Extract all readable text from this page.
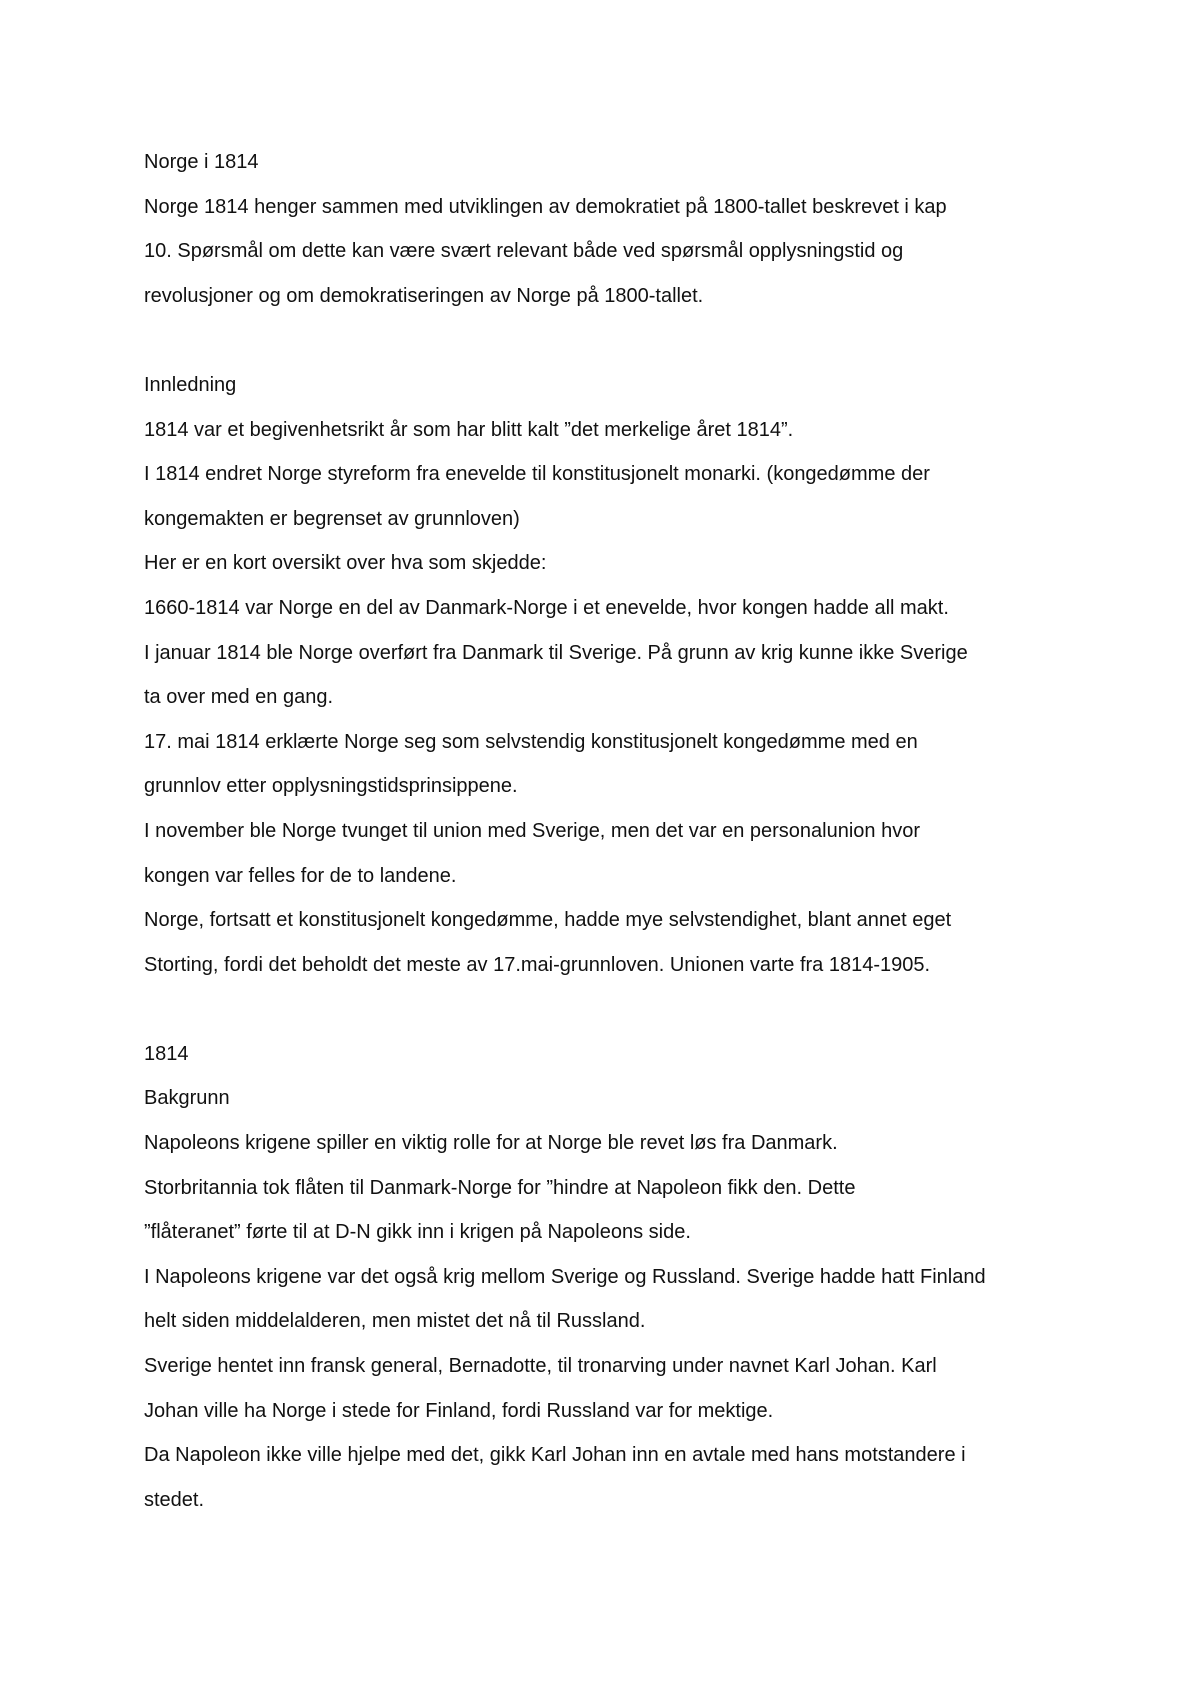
Norge i 1814

Norge 1814 henger sammen med utviklingen av demokratiet på 1800-tallet beskrevet i kap

10. Spørsmål om dette kan være svært relevant både ved spørsmål opplysningstid og

revolusjoner og om demokratiseringen av Norge på 1800-tallet.

Innledning

1814 var et begivenhetsrikt år som har blitt kalt ”det merkelige året 1814”.

I 1814 endret Norge styreform fra enevelde til konstitusjonelt monarki. (kongedømme der

kongemakten er begrenset av grunnloven)

Her er en kort oversikt over hva som skjedde:

1660-1814 var Norge en del av Danmark-Norge i et enevelde, hvor kongen hadde all makt.

I januar 1814 ble Norge overført fra Danmark til Sverige. På grunn av krig kunne ikke Sverige

ta over med en gang.

17. mai 1814 erklærte Norge seg som selvstendig konstitusjonelt kongedømme med en

grunnlov etter opplysningstidsprinsippene.

I november ble Norge tvunget til union med Sverige, men det var en personalunion hvor

kongen var felles for de to landene.

Norge, fortsatt et konstitusjonelt kongedømme, hadde mye selvstendighet, blant annet eget

Storting, fordi det beholdt det meste av 17.mai-grunnloven. Unionen varte fra 1814-1905.

1814

Bakgrunn

Napoleons krigene spiller en viktig rolle for at Norge ble revet løs fra Danmark.

Storbritannia tok flåten til Danmark-Norge for ”hindre at Napoleon fikk den. Dette

”flåteranet” førte til at D-N gikk inn i krigen på Napoleons side.

I Napoleons krigene var det også krig mellom Sverige og Russland. Sverige hadde hatt Finland

helt siden middelalderen, men mistet det nå til Russland.

Sverige hentet inn fransk general, Bernadotte, til tronarving under navnet Karl Johan. Karl

Johan ville ha Norge i stede for Finland, fordi Russland var for mektige.

Da Napoleon ikke ville hjelpe med det, gikk Karl Johan inn en avtale med hans motstandere i

stedet.
